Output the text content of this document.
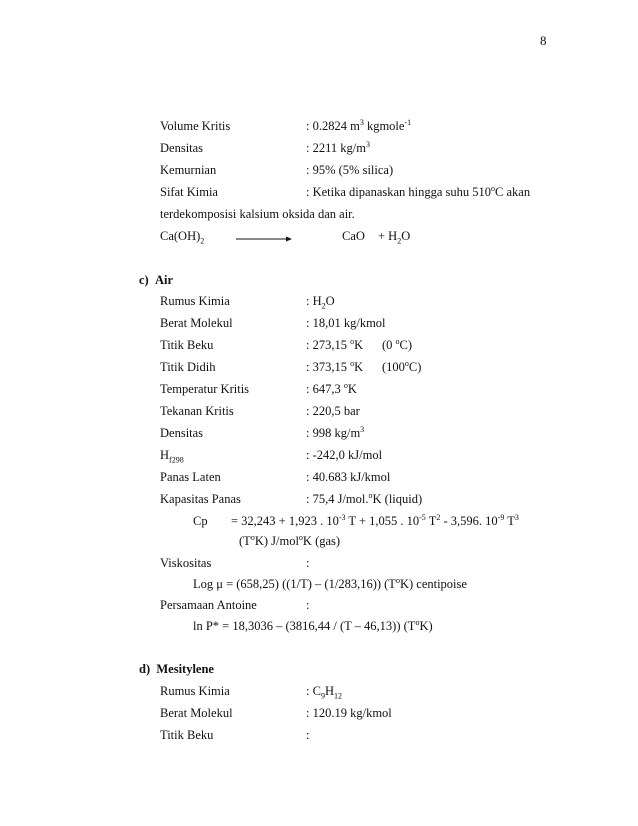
8
Volume Kritis	: 0.2824 $m^3$ kgmole$^{-1}$
Densitas	: 2211 $kg/m^3$
Kemurnian	: 95% (5% silica)
Sifat Kimia	: Ketika dipanaskan hingga suhu 510$^o$C akan
terdekomposisi kalsium oksida dan air.
$Ca(OH)_2$	CaO + $H_2O$
c)  Air
Rumus Kimia	: $H_2O$
Berat Molekul	: 18,01 kg/kmol
Titik Beku	: 273,15 $^o$K (0 $^o$C)
Titik Didih	: 373,15 $^o$K (100$^o$C)
Temperatur Kritis	: 647,3 $^o$K
Tekanan Kritis	: 220,5 bar
Densitas	: 998 $kg/m^3$
$H_{f298}$	: -242,0 kJ/mol
Panas Laten	: 40.683 kJ/kmol
Kapasitas Panas	: 75,4 J/mol.$^o$K (liquid)
Cp = 32,243 + 1,923 . $10^{-3}$ T + 1,055 . $10^{-5}$ $T^2 - 3,596$. $10^{-9}$ $T^3$
$(T^oK)$ J/mol$^o$K (gas)
Viskositas	:
Log μ = (658,25) ((1/T) – (1/283,16)) $(T^oK)$ centipoise
Persamaan Antoine	:
ln P* = 18,3036 – (3816,44 / (T – 46,13)) $(T^oK)$
d)  Mesitylene
Rumus Kimia	: $C_9H_{12}$
Berat Molekul	: 120.19 kg/kmol
Titik Beku	:
